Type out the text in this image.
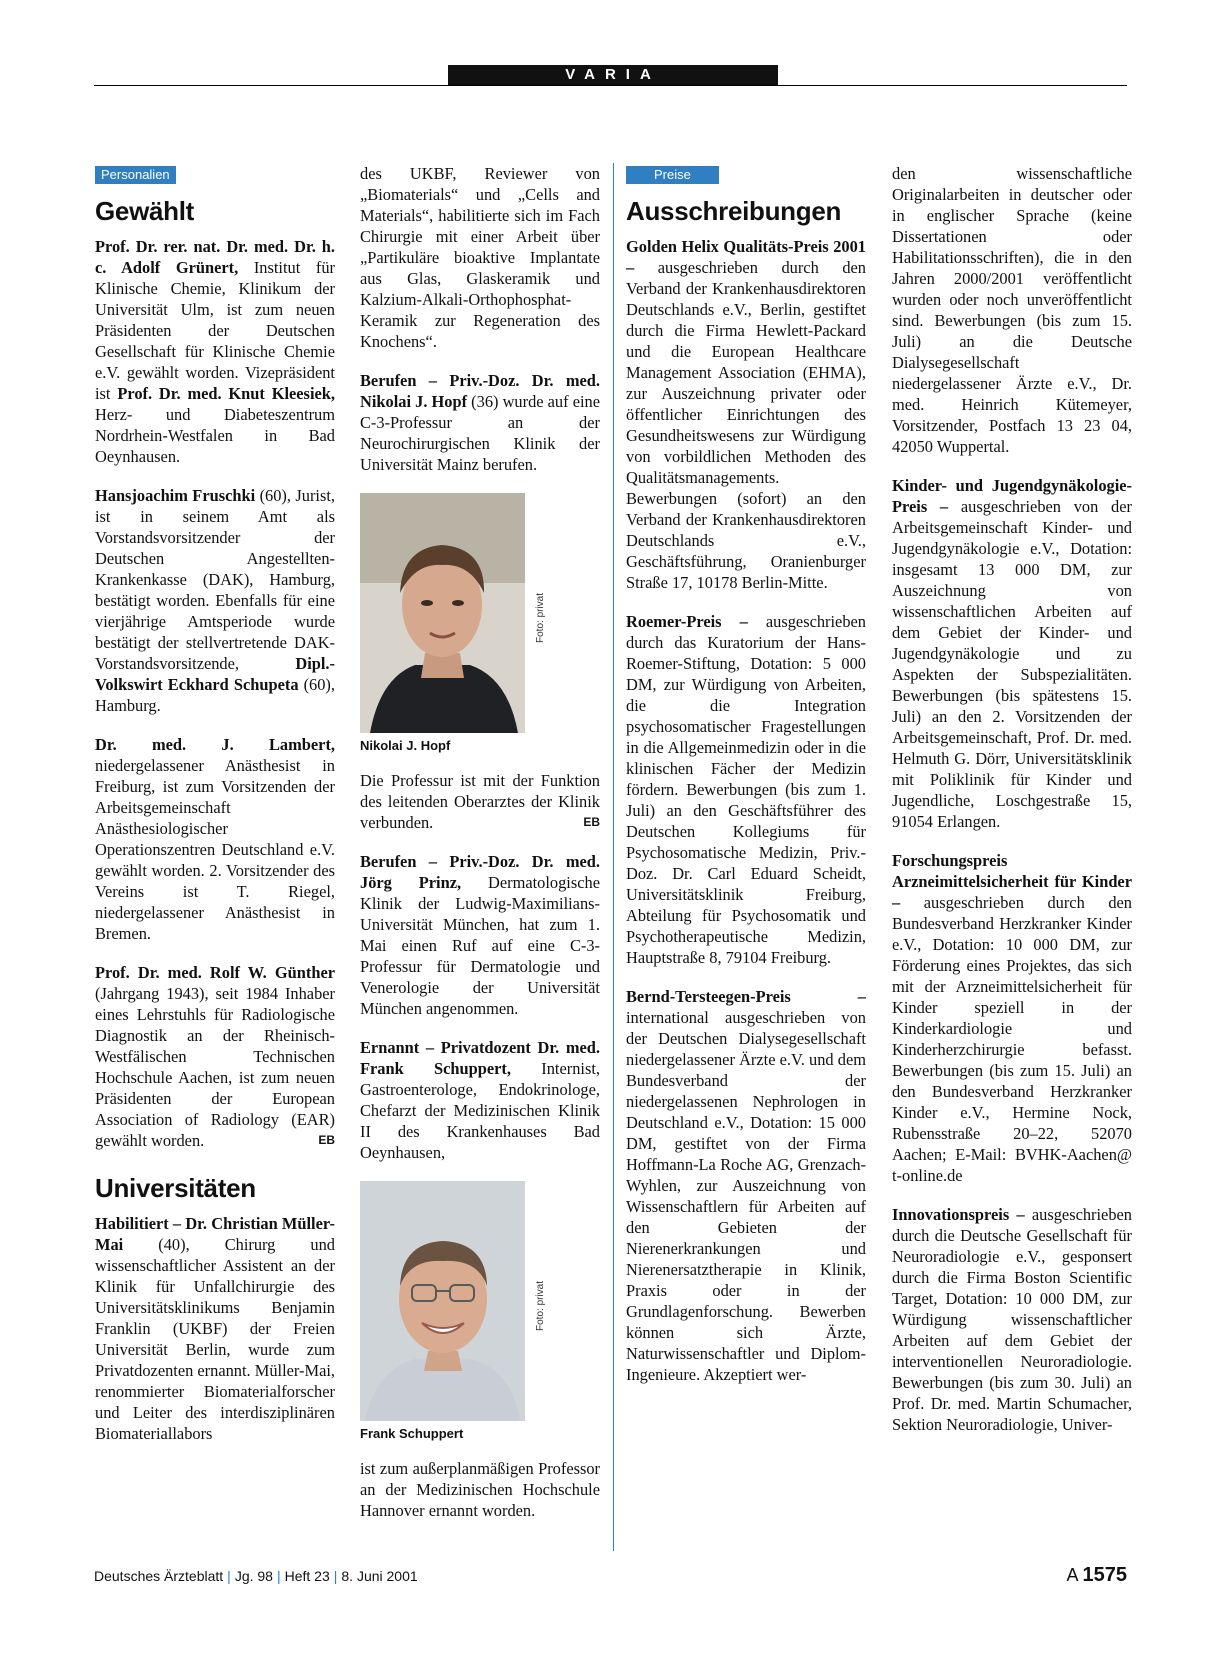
VARIA
Personalien
Gewählt

Prof. Dr. rer. nat. Dr. med. Dr. h. c. Adolf Grünert, Institut für Klinische Chemie, Klinikum der Universität Ulm, ist zum neuen Präsidenten der Deutschen Gesellschaft für Klinische Chemie e.V. gewählt worden. Vizepräsident ist Prof. Dr. med. Knut Kleesiek, Herz- und Diabeteszentrum Nordrhein-Westfalen in Bad Oeynhausen.

Hansjoachim Fruschki (60), Jurist, ist in seinem Amt als Vorstandsvorsitzender der Deutschen Angestellten-Krankenkasse (DAK), Hamburg, bestätigt worden. Ebenfalls für eine vierjährige Amtsperiode wurde bestätigt der stellvertretende DAK-Vorstandsvorsitzende, Dipl.-Volkswirt Eckhard Schupeta (60), Hamburg.

Dr. med. J. Lambert, niedergelassener Anästhesist in Freiburg, ist zum Vorsitzenden der Arbeitsgemeinschaft Anästhesiologischer Operationszentren Deutschland e.V. gewählt worden. 2. Vorsitzender des Vereins ist T. Riegel, niedergelassener Anästhesist in Bremen.

Prof. Dr. med. Rolf W. Günther (Jahrgang 1943), seit 1984 Inhaber eines Lehrstuhls für Radiologische Diagnostik an der Rheinisch-Westfälischen Technischen Hochschule Aachen, ist zum neuen Präsidenten der European Association of Radiology (EAR) gewählt worden.	EB

Universitäten

Habilitiert – Dr. Christian Müller-Mai (40), Chirurg und wissenschaftlicher Assistent an der Klinik für Unfallchirurgie des Universitätsklinikums Benjamin Franklin (UKBF) der Freien Universität Berlin, wurde zum Privatdozenten ernannt. Müller-Mai, renommierter Biomaterialforscher und Leiter des interdisziplinären Biomateriallabors

des UKBF, Reviewer von „Biomaterials“ und „Cells and Materials“, habilitierte sich im Fach Chirurgie mit einer Arbeit über „Partikuläre bioaktive Implantate aus Glas, Glaskeramik und Kalzium-Alkali-Orthophosphat-Keramik zur Regeneration des Knochens“.

Berufen – Priv.-Doz. Dr. med. Nikolai J. Hopf (36) wurde auf eine C-3-Professur an der Neurochirurgischen Klinik der Universität Mainz berufen.

Foto: privat
Nikolai J. Hopf

Die Professur ist mit der Funktion des leitenden Oberarztes der Klinik verbunden.	EB

Berufen – Priv.-Doz. Dr. med. Jörg Prinz, Dermatologische Klinik der Ludwig-Maximilians-Universität München, hat zum 1. Mai einen Ruf auf eine C-3-Professur für Dermatologie und Venerologie der Universität München angenommen.

Ernannt – Privatdozent Dr. med. Frank Schuppert, Internist, Gastroenterologe, Endokrinologe, Chefarzt der Medizinischen Klinik II des Krankenhauses Bad Oeynhausen,

Foto: privat
Frank Schuppert

ist zum außerplanmäßigen Professor an der Medizinischen Hochschule Hannover ernannt worden.

Preise
Ausschreibungen

Golden Helix Qualitäts-Preis 2001 – ausgeschrieben durch den Verband der Krankenhausdirektoren Deutschlands e.V., Berlin, gestiftet durch die Firma Hewlett-Packard und die European Healthcare Management Association (EHMA), zur Auszeichnung privater oder öffentlicher Einrichtungen des Gesundheitswesens zur Würdigung von vorbildlichen Methoden des Qualitätsmanagements. Bewerbungen (sofort) an den Verband der Krankenhausdirektoren Deutschlands e.V., Geschäftsführung, Oranienburger Straße 17, 10178 Berlin-Mitte.

Roemer-Preis – ausgeschrieben durch das Kuratorium der Hans-Roemer-Stiftung, Dotation: 5 000 DM, zur Würdigung von Arbeiten, die die Integration psychosomatischer Fragestellungen in die Allgemeinmedizin oder in die klinischen Fächer der Medizin fördern. Bewerbungen (bis zum 1. Juli) an den Geschäftsführer des Deutschen Kollegiums für Psychosomatische Medizin, Priv.-Doz. Dr. Carl Eduard Scheidt, Universitätsklinik Freiburg, Abteilung für Psychosomatik und Psychotherapeutische Medizin, Hauptstraße 8, 79104 Freiburg.

Bernd-Tersteegen-Preis – international ausgeschrieben von der Deutschen Dialysegesellschaft niedergelassener Ärzte e.V. und dem Bundesverband der niedergelassenen Nephrologen in Deutschland e.V., Dotation: 15 000 DM, gestiftet von der Firma Hoffmann-La Roche AG, Grenzach-Wyhlen, zur Auszeichnung von Wissenschaftlern für Arbeiten auf den Gebieten der Nierenerkrankungen und Nierenersatztherapie in Klinik, Praxis oder in der Grundlagenforschung. Bewerben können sich Ärzte, Naturwissenschaftler und Diplom-Ingenieure. Akzeptiert wer-

den wissenschaftliche Originalarbeiten in deutscher oder in englischer Sprache (keine Dissertationen oder Habilitationsschriften), die in den Jahren 2000/2001 veröffentlicht wurden oder noch unveröffentlicht sind. Bewerbungen (bis zum 15. Juli) an die Deutsche Dialysegesellschaft niedergelassener Ärzte e.V., Dr. med. Heinrich Kütemeyer, Vorsitzender, Postfach 13 23 04, 42050 Wuppertal.

Kinder- und Jugendgynäkologie-Preis – ausgeschrieben von der Arbeitsgemeinschaft Kinder- und Jugendgynäkologie e.V., Dotation: insgesamt 13 000 DM, zur Auszeichnung von wissenschaftlichen Arbeiten auf dem Gebiet der Kinder- und Jugendgynäkologie und zu Aspekten der Subspezialitäten. Bewerbungen (bis spätestens 15. Juli) an den 2. Vorsitzenden der Arbeitsgemeinschaft, Prof. Dr. med. Helmuth G. Dörr, Universitätsklinik mit Poliklinik für Kinder und Jugendliche, Loschgestraße 15, 91054 Erlangen.

Forschungspreis Arzneimittelsicherheit für Kinder – ausgeschrieben durch den Bundesverband Herzkranker Kinder e.V., Dotation: 10 000 DM, zur Förderung eines Projektes, das sich mit der Arzneimittelsicherheit für Kinder speziell in der Kinderkardiologie und Kinderherzchirurgie befasst. Bewerbungen (bis zum 15. Juli) an den Bundesverband Herzkranker Kinder e.V., Hermine Nock, Rubensstraße 20–22, 52070 Aachen; E-Mail: BVHK-Aachen@ t-online.de

Innovationspreis – ausgeschrieben durch die Deutsche Gesellschaft für Neuroradiologie e.V., gesponsert durch die Firma Boston Scientific Target, Dotation: 10 000 DM, zur Würdigung wissenschaftlicher Arbeiten auf dem Gebiet der interventionellen Neuroradiologie. Bewerbungen (bis zum 30. Juli) an Prof. Dr. med. Martin Schumacher, Sektion Neuroradiologie, Univer-

Deutsches Ärzteblatt | Jg. 98 | Heft 23 | 8. Juni 2001	A 1575
